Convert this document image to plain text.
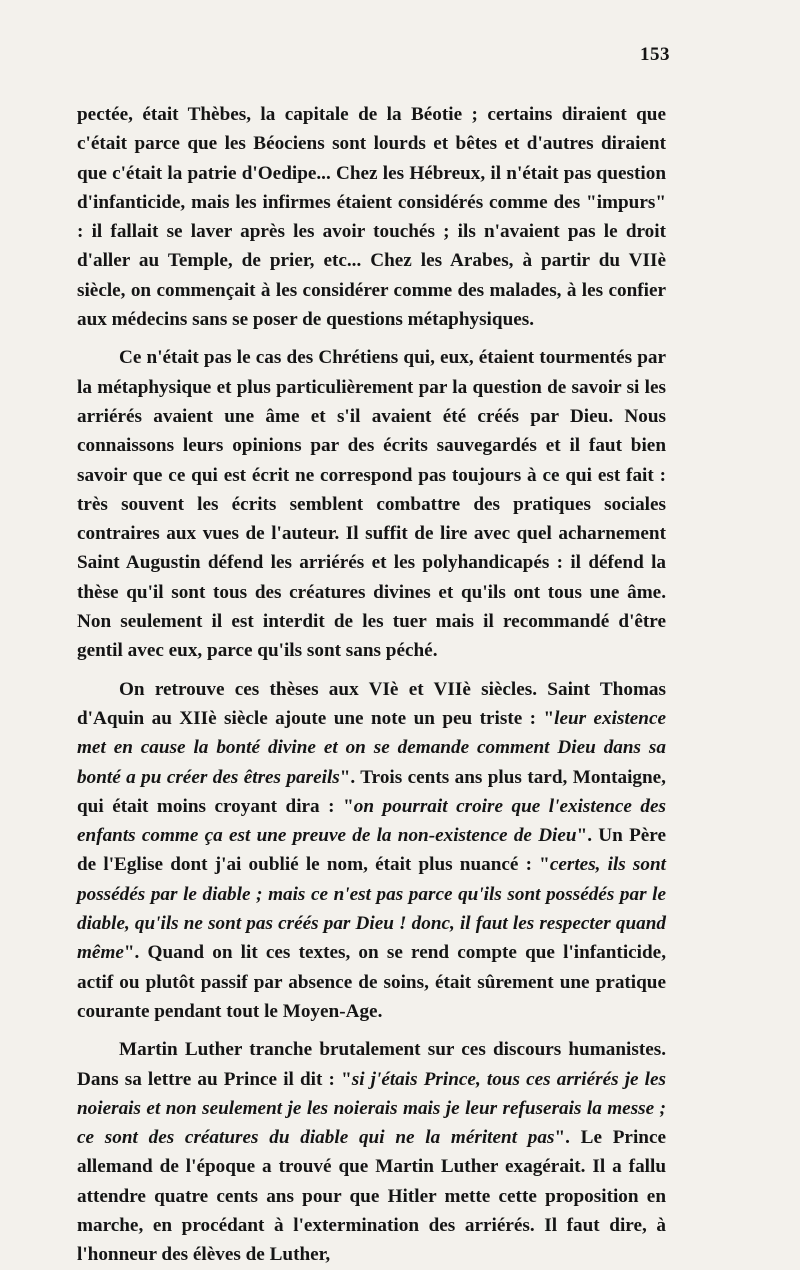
153

pectée, était Thèbes, la capitale de la Béotie ; certains diraient que c'était parce que les Béociens sont lourds et bêtes et d'autres diraient que c'était la patrie d'Oedipe... Chez les Hébreux, il n'était pas question d'infanticide, mais les infirmes étaient considérés comme des "impurs" : il fallait se laver après les avoir touchés ; ils n'avaient pas le droit d'aller au Temple, de prier, etc... Chez les Arabes, à partir du VIIè siècle, on commençait à les considérer comme des malades, à les confier aux médecins sans se poser de questions métaphysiques.

Ce n'était pas le cas des Chrétiens qui, eux, étaient tourmentés par la métaphysique et plus particulièrement par la question de savoir si les arriérés avaient une âme et s'il avaient été créés par Dieu. Nous connaissons leurs opinions par des écrits sauvegardés et il faut bien savoir que ce qui est écrit ne correspond pas toujours à ce qui est fait : très souvent les écrits semblent combattre des pratiques sociales contraires aux vues de l'auteur. Il suffit de lire avec quel acharnement Saint Augustin défend les arriérés et les polyhandicapés : il défend la thèse qu'il sont tous des créatures divines et qu'ils ont tous une âme. Non seulement il est interdit de les tuer mais il recommandé d'être gentil avec eux, parce qu'ils sont sans péché.

On retrouve ces thèses aux VIè et VIIè siècles. Saint Thomas d'Aquin au XIIè siècle ajoute une note un peu triste : "leur existence met en cause la bonté divine et on se demande comment Dieu dans sa bonté a pu créer des êtres pareils". Trois cents ans plus tard, Montaigne, qui était moins croyant dira : "on pourrait croire que l'existence des enfants comme ça est une preuve de la non-existence de Dieu". Un Père de l'Eglise dont j'ai oublié le nom, était plus nuancé : "certes, ils sont possédés par le diable ; mais ce n'est pas parce qu'ils sont possédés par le diable, qu'ils ne sont pas créés par Dieu ! donc, il faut les respecter quand même". Quand on lit ces textes, on se rend compte que l'infanticide, actif ou plutôt passif par absence de soins, était sûrement une pratique courante pendant tout le Moyen-Age.

Martin Luther tranche brutalement sur ces discours humanistes. Dans sa lettre au Prince il dit : "si j'étais Prince, tous ces arriérés je les noierais et non seulement je les noierais mais je leur refuserais la messe ; ce sont des créatures du diable qui ne la méritent pas". Le Prince allemand de l'époque a trouvé que Martin Luther exagérait. Il a fallu attendre quatre cents ans pour que Hitler mette cette proposition en marche, en procédant à l'extermination des arriérés. Il faut dire, à l'honneur des élèves de Luther,
